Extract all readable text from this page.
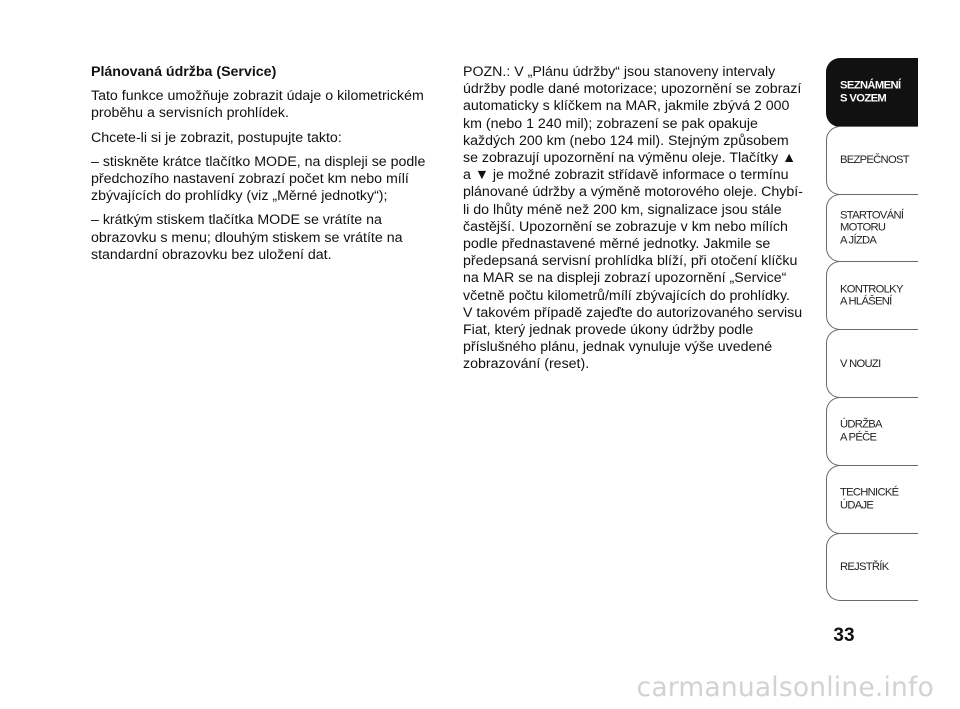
Plánovaná údržba (Service)

Tato funkce umožňuje zobrazit údaje o kilometrickém proběhu a servisních prohlídek.

Chcete-li si je zobrazit, postupujte takto:

– stiskněte krátce tlačítko MODE, na displeji se podle předchozího nastavení zobrazí počet km nebo mílí zbývajících do prohlídky (viz „Měrné jednotky“);

– krátkým stiskem tlačítka MODE se vrátíte na obrazovku s menu; dlouhým stiskem se vrátíte na standardní obrazovku bez uložení dat.

POZN.: V „Plánu údržby“ jsou stanoveny intervaly údržby podle dané motorizace; upozornění se zobrazí automaticky s klíčkem na MAR, jakmile zbývá 2 000 km (nebo 1 240 mil); zobrazení se pak opakuje každých 200 km (nebo 124 mil). Stejným způsobem se zobrazují upozornění na výměnu oleje. Tlačítky ▲ a ▼ je možné zobrazit střídavě informace o termínu plánované údržby a výměně motorového oleje. Chybí-li do lhůty méně než 200 km, signalizace jsou stále častější. Upozornění se zobrazuje v km nebo mílích podle přednastavené měrné jednotky. Jakmile se předepsaná servisní prohlídka blíží, při otočení klíčku na MAR se na displeji zobrazí upozornění „Service“ včetně počtu kilometrů/mílí zbývajících do prohlídky. V takovém případě zajeďte do autorizovaného servisu Fiat, který jednak provede úkony údržby podle příslušného plánu, jednak vynuluje výše uvedené zobrazování (reset).

SEZNÁMENÍ
S VOZEM
BEZPEČNOST
STARTOVÁNÍ
MOTORU
A JÍZDA
KONTROLKY
A HLÁŠENÍ
V NOUZI
ÚDRŽBA
A PÉČE
TECHNICKÉ
ÚDAJE
REJSTŘÍK
33
carmanualsonline.info
